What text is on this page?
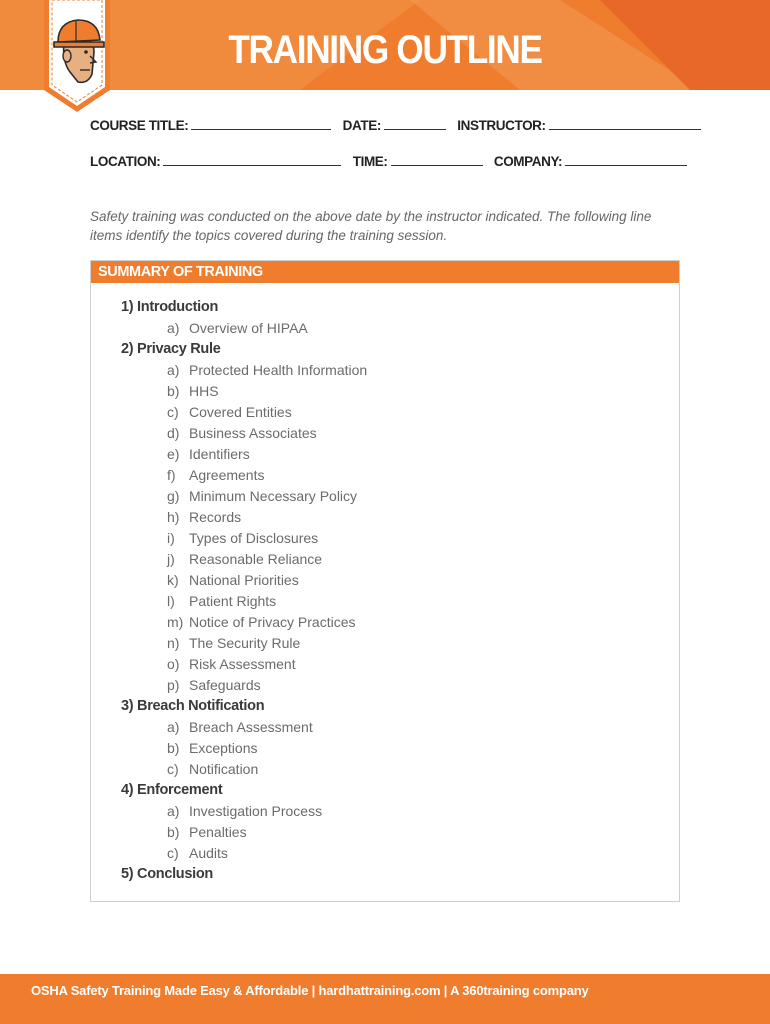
TRAINING OUTLINE
COURSE TITLE:	DATE:	INSTRUCTOR:
LOCATION:	TIME:	COMPANY:
Safety training was conducted on the above date by the instructor indicated. The following line items identify the topics covered during the training session.
SUMMARY OF TRAINING
1) Introduction
a) Overview of HIPAA
2) Privacy Rule
a) Protected Health Information
b) HHS
c) Covered Entities
d) Business Associates
e) Identifiers
f) Agreements
g) Minimum Necessary Policy
h) Records
i) Types of Disclosures
j) Reasonable Reliance
k) National Priorities
l) Patient Rights
m) Notice of Privacy Practices
n) The Security Rule
o) Risk Assessment
p) Safeguards
3) Breach Notification
a) Breach Assessment
b) Exceptions
c) Notification
4) Enforcement
a) Investigation Process
b) Penalties
c) Audits
5) Conclusion
OSHA Safety Training Made Easy & Affordable | hardhattraining.com | A 360training company
